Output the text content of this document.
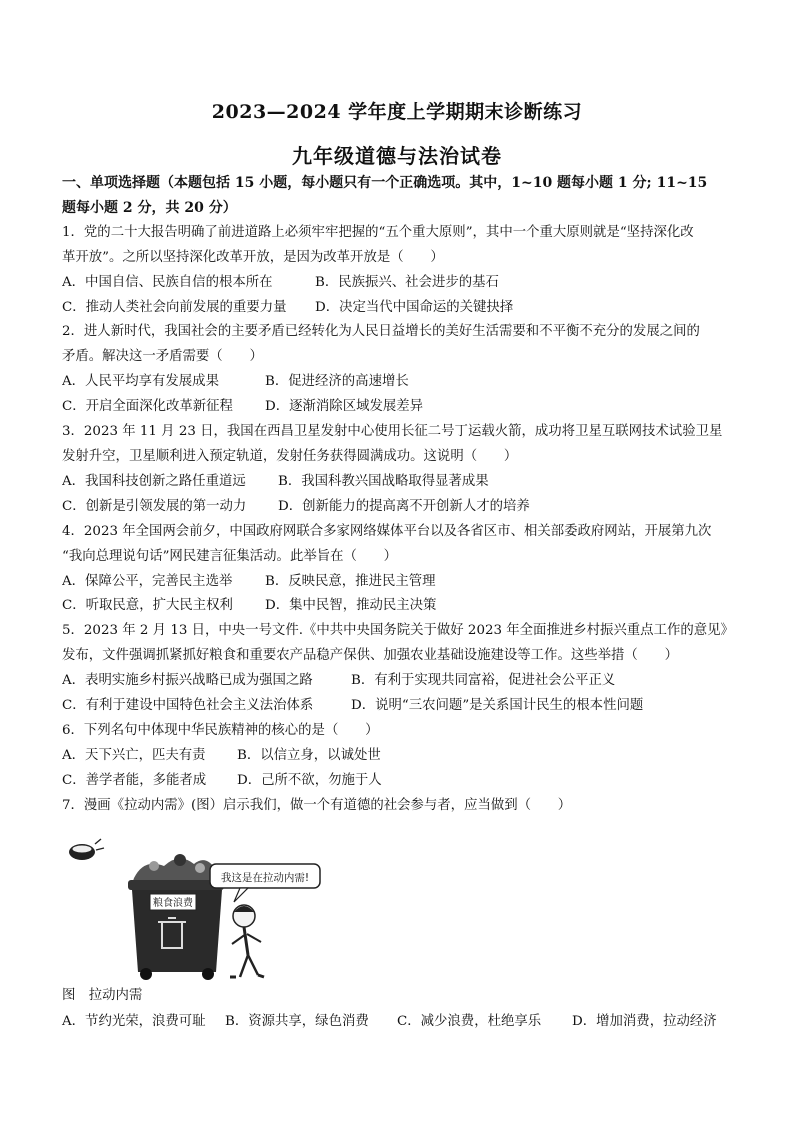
2023—2024 学年度上学期期末诊断练习
九年级道德与法治试卷
一、单项选择题（本题包括 15 小题，每小题只有一个正确选项。其中，1~10 题每小题 1 分; 11~15
题每小题 2 分，共 20 分）
1．党的二十大报告明确了前进道路上必须牢牢把握的“五个重大原则”，其中一个重大原则就是“坚持深化改
革开放”。之所以坚持深化改革开放，是因为改革开放是（　　）
A．中国自信、民族自信的根本所在	B．民族振兴、社会进步的基石
C．推动人类社会向前发展的重要力量 D．决定当代中国命运的关键抉择
2．进人新时代，我国社会的主要矛盾已经转化为人民日益增长的美好生活需要和不平衡不充分的发展之间的
矛盾。解决这一矛盾需要（　　）
A．人民平均享有发展成果	B．促进经济的高速增长
C．开启全面深化改革新征程 D．逐渐消除区域发展差异
3．2023 年 11 月 23 日，我国在西昌卫星发射中心使用长征二号丁运载火箭，成功将卫星互联网技术试验卫星
发射升空，卫星顺利进入预定轨道，发射任务获得圆满成功。这说明（　　）
A．我国科技创新之路任重道远 B．我国科教兴国战略取得显著成果
C．创新是引领发展的第一动力 D．创新能力的提高离不开创新人才的培养
4．2023 年全国两会前夕，中国政府网联合多家网络媒体平台以及各省区市、相关部委政府网站，开展第九次
“我向总理说句话”网民建言征集活动。此举旨在（　　）
A．保障公平，完善民主选举 B．反映民意，推进民主管理
C．听取民意，扩大民主权利 D．集中民智，推动民主决策
5．2023 年 2 月 13 日，中央一号文件.《中共中央国务院关于做好 2023 年全面推进乡村振兴重点工作的意见》
发布，文件强调抓紧抓好粮食和重要农产品稳产保供、加强农业基础设施建设等工作。这些举措（　　）
A．表明实施乡村振兴战略已成为强国之路	B．有利于实现共同富裕，促进社会公平正义
C．有利于建设中国特色社会主义法治体系	D．说明“三农问题”是关系国计民生的根本性问题
6．下列名句中体现中华民族精神的核心的是（　　）
A．天下兴亡，匹夫有责 B．以信立身，以诚处世
C．善学者能，多能者成 D．己所不欲，勿施于人
7．漫画《拉动内需》(图）启示我们，做一个有道德的社会参与者，应当做到（　　）
粮食浪费
我这是在拉动内需!
图　拉动内需
A．节约光荣，浪费可耻 B．资源共享，绿色消费 C．减少浪费，杜绝享乐 D．增加消费，拉动经济
